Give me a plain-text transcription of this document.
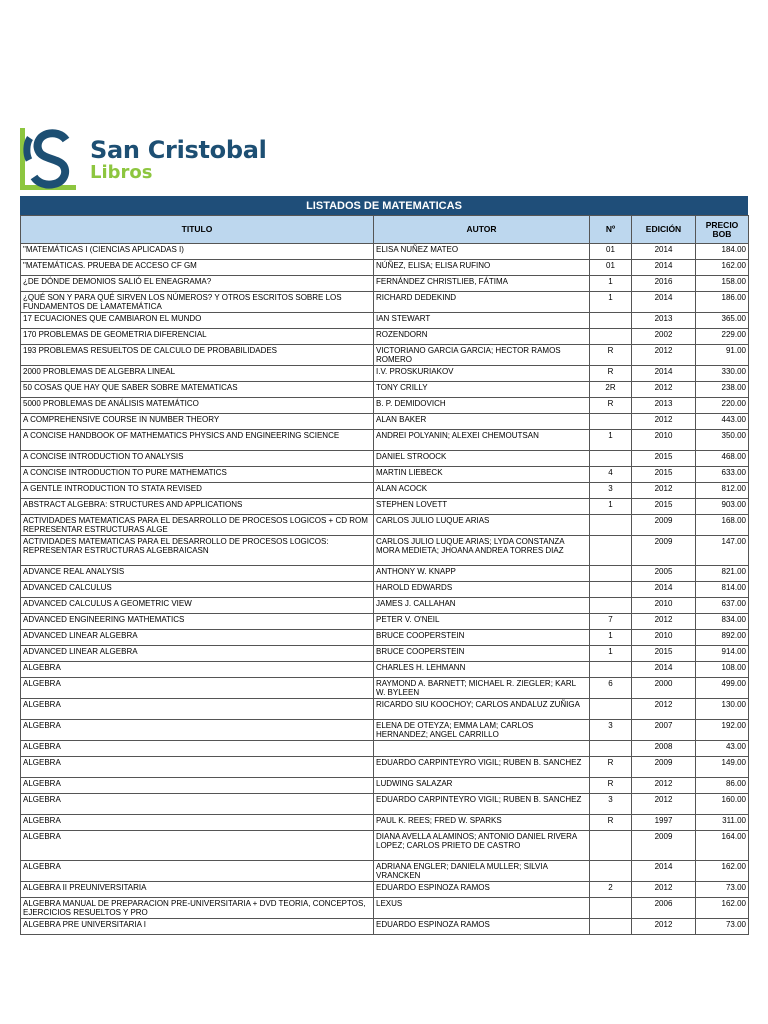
San Cristobal
Libros
LISTADOS DE MATEMATICAS
TITULO	AUTOR	Nº	EDICIÓN	PRECIO BOB
"MATEMÁTICAS I (CIENCIAS APLICADAS I)	ELISA NUÑEZ MATEO	01	2014	184.00
"MATEMÁTICAS. PRUEBA DE ACCESO CF GM	NÚÑEZ, ELISA; ELISA RUFINO	01	2014	162.00
¿DE DÓNDE DEMONIOS SALIÓ EL ENEAGRAMA?	FERNÁNDEZ CHRISTLIEB, FÁTIMA	1	2016	158.00
¿QUÉ SON Y PARA QUÉ SIRVEN LOS NÚMEROS? Y OTROS ESCRITOS SOBRE LOS FUNDAMENTOS DE LAMATEMÁTICA	RICHARD DEDEKIND	1	2014	186.00
17 ECUACIONES QUE CAMBIARON EL MUNDO	IAN STEWART		2013	365.00
170 PROBLEMAS DE GEOMETRIA DIFERENCIAL	ROZENDORN		2002	229.00
193 PROBLEMAS RESUELTOS DE CALCULO DE PROBABILIDADES	VICTORIANO GARCIA GARCIA; HECTOR RAMOS ROMERO	R	2012	91.00
2000 PROBLEMAS DE ALGEBRA LINEAL	I.V. PROSKURIAKOV	R	2014	330.00
50 COSAS QUE HAY QUE SABER SOBRE MATEMATICAS	TONY CRILLY	2R	2012	238.00
5000 PROBLEMAS DE ANÁLISIS MATEMÁTICO	B. P. DEMIDOVICH	R	2013	220.00
A COMPREHENSIVE COURSE IN NUMBER THEORY	ALAN BAKER		2012	443.00
A CONCISE HANDBOOK OF MATHEMATICS PHYSICS AND ENGINEERING SCIENCE	ANDREI POLYANIN; ALEXEI CHEMOUTSAN	1	2010	350.00
A CONCISE INTRODUCTION TO ANALYSIS	DANIEL STROOCK		2015	468.00
A CONCISE INTRODUCTION TO PURE MATHEMATICS	MARTIN LIEBECK	4	2015	633.00
A GENTLE INTRODUCTION TO STATA REVISED	ALAN ACOCK	3	2012	812.00
ABSTRACT ALGEBRA: STRUCTURES AND APPLICATIONS	STEPHEN LOVETT	1	2015	903.00
ACTIVIDADES MATEMATICAS PARA EL DESARROLLO DE PROCESOS LOGICOS + CD ROM REPRESENTAR ESTRUCTURAS ALGE	CARLOS JULIO LUQUE ARIAS		2009	168.00
ACTIVIDADES MATEMATICAS PARA EL DESARROLLO DE PROCESOS LOGICOS: REPRESENTAR ESTRUCTURAS ALGEBRAICASN	CARLOS JULIO LUQUE ARIAS; LYDA CONSTANZA MORA MEDIETA; JHOANA ANDREA TORRES DIAZ		2009	147.00
ADVANCE REAL ANALYSIS	ANTHONY W. KNAPP		2005	821.00
ADVANCED CALCULUS	HAROLD EDWARDS		2014	814.00
ADVANCED CALCULUS A GEOMETRIC VIEW	JAMES J. CALLAHAN		2010	637.00
ADVANCED ENGINEERING MATHEMATICS	PETER V. O'NEIL	7	2012	834.00
ADVANCED LINEAR ALGEBRA	BRUCE COOPERSTEIN	1	2010	892.00
ADVANCED LINEAR ALGEBRA	BRUCE COOPERSTEIN	1	2015	914.00
ALGEBRA	CHARLES H. LEHMANN		2014	108.00
ALGEBRA	RAYMOND A. BARNETT; MICHAEL R. ZIEGLER; KARL W. BYLEEN	6	2000	499.00
ALGEBRA	RICARDO SIU KOOCHOY; CARLOS ANDALUZ ZUÑIGA		2012	130.00
ALGEBRA	ELENA DE OTEYZA; EMMA LAM; CARLOS HERNANDEZ; ANGEL CARRILLO	3	2007	192.00
ALGEBRA			2008	43.00
ALGEBRA	EDUARDO CARPINTEYRO VIGIL; RUBEN B. SANCHEZ	R	2009	149.00
ALGEBRA	LUDWING SALAZAR	R	2012	86.00
ALGEBRA	EDUARDO CARPINTEYRO VIGIL; RUBEN B. SANCHEZ	3	2012	160.00
ALGEBRA	PAUL K. REES; FRED W. SPARKS	R	1997	311.00
ALGEBRA	DIANA AVELLA ALAMINOS; ANTONIO DANIEL RIVERA LOPEZ; CARLOS PRIETO DE CASTRO		2009	164.00
ALGEBRA	ADRIANA ENGLER; DANIELA MULLER; SILVIA VRANCKEN		2014	162.00
ALGEBRA II PREUNIVERSITARIA	EDUARDO ESPINOZA RAMOS	2	2012	73.00
ALGEBRA MANUAL DE PREPARACION PRE-UNIVERSITARIA + DVD TEORIA, CONCEPTOS, EJERCICIOS RESUELTOS Y PRO	LEXUS		2006	162.00
ALGEBRA PRE UNIVERSITARIA I	EDUARDO ESPINOZA RAMOS		2012	73.00
